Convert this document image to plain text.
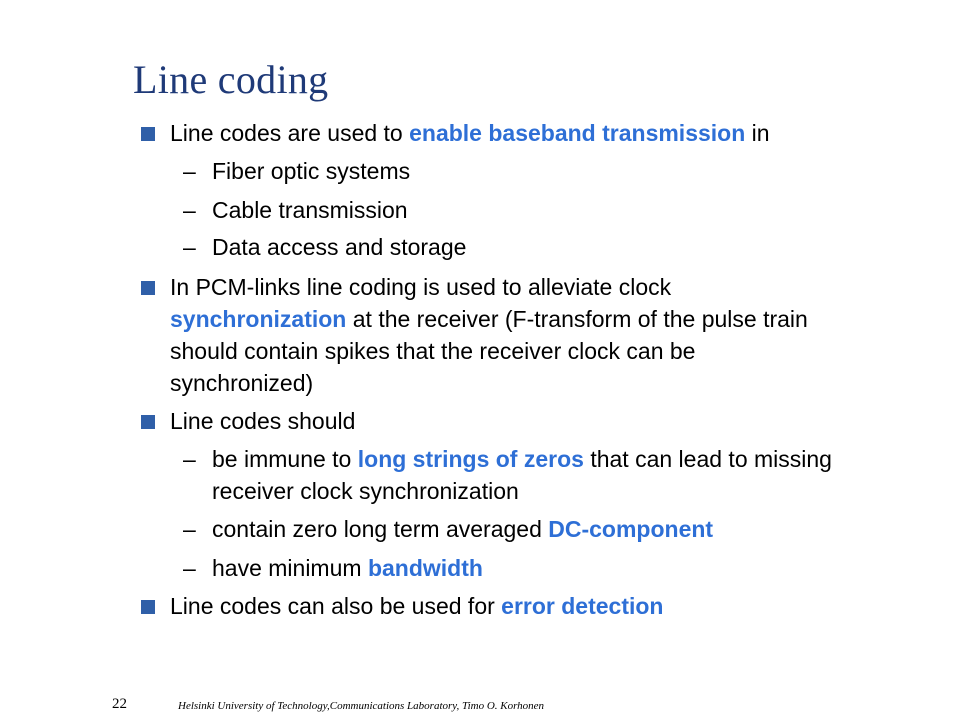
Line coding
Line codes are used to enable baseband transmission in
– Fiber optic systems
– Cable transmission
– Data access and storage
In PCM-links line coding is used to alleviate clock
synchronization at the receiver (F-transform of the pulse train
should contain spikes that the receiver clock can be
synchronized)
Line codes should
– be immune to long strings of zeros that can lead to missing
receiver clock synchronization
– contain zero long term averaged DC-component
– have minimum bandwidth
Line codes can also be used for error detection
22	Helsinki University of Technology,Communications Laboratory, Timo O. Korhonen
